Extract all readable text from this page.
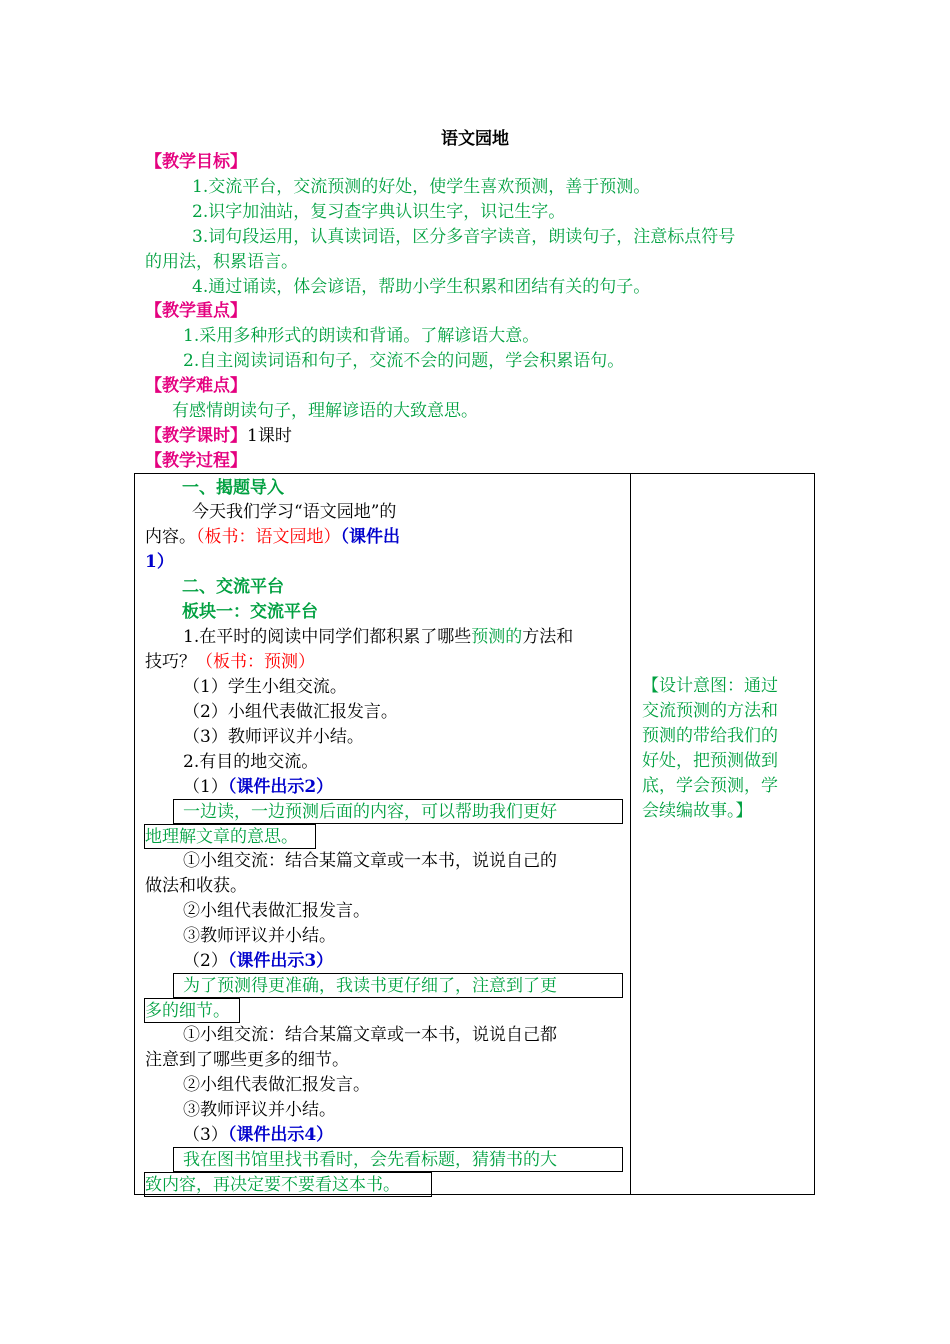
语文园地
【教学目标】
1.交流平台，交流预测的好处，使学生喜欢预测，善于预测。
2.识字加油站，复习查字典认识生字，识记生字。
3.词句段运用，认真读词语，区分多音字读音，朗读句子，注意标点符号
的用法，积累语言。
4.通过诵读，体会谚语，帮助小学生积累和团结有关的句子。
【教学重点】
1.采用多种形式的朗读和背诵。了解谚语大意。
2.自主阅读词语和句子，交流不会的问题，学会积累语句。
【教学难点】
有感情朗读句子，理解谚语的大致意思。
【教学课时】1课时
【教学过程】
一、揭题导入
今天我们学习“语文园地”的
内容。（板书：语文园地）（课件出
1）
二、交流平台
板块一：交流平台
1.在平时的阅读中同学们都积累了哪些预测的方法和
技巧？（板书：预测）
（1）学生小组交流。
（2）小组代表做汇报发言。
（3）教师评议并小结。
2.有目的地交流。
（1）（课件出示2）
一边读，一边预测后面的内容，可以帮助我们更好
地理解文章的意思。
①小组交流：结合某篇文章或一本书，说说自己的
做法和收获。
②小组代表做汇报发言。
③教师评议并小结。
（2）（课件出示3）
为了预测得更准确，我读书更仔细了，注意到了更
多的细节。
①小组交流：结合某篇文章或一本书，说说自己都
注意到了哪些更多的细节。
②小组代表做汇报发言。
③教师评议并小结。
（3）（课件出示4）
我在图书馆里找书看时，会先看标题，猜猜书的大
致内容，再决定要不要看这本书。
【设计意图：通过
交流预测的方法和
预测的带给我们的
好处，把预测做到
底，学会预测，学
会续编故事。】
